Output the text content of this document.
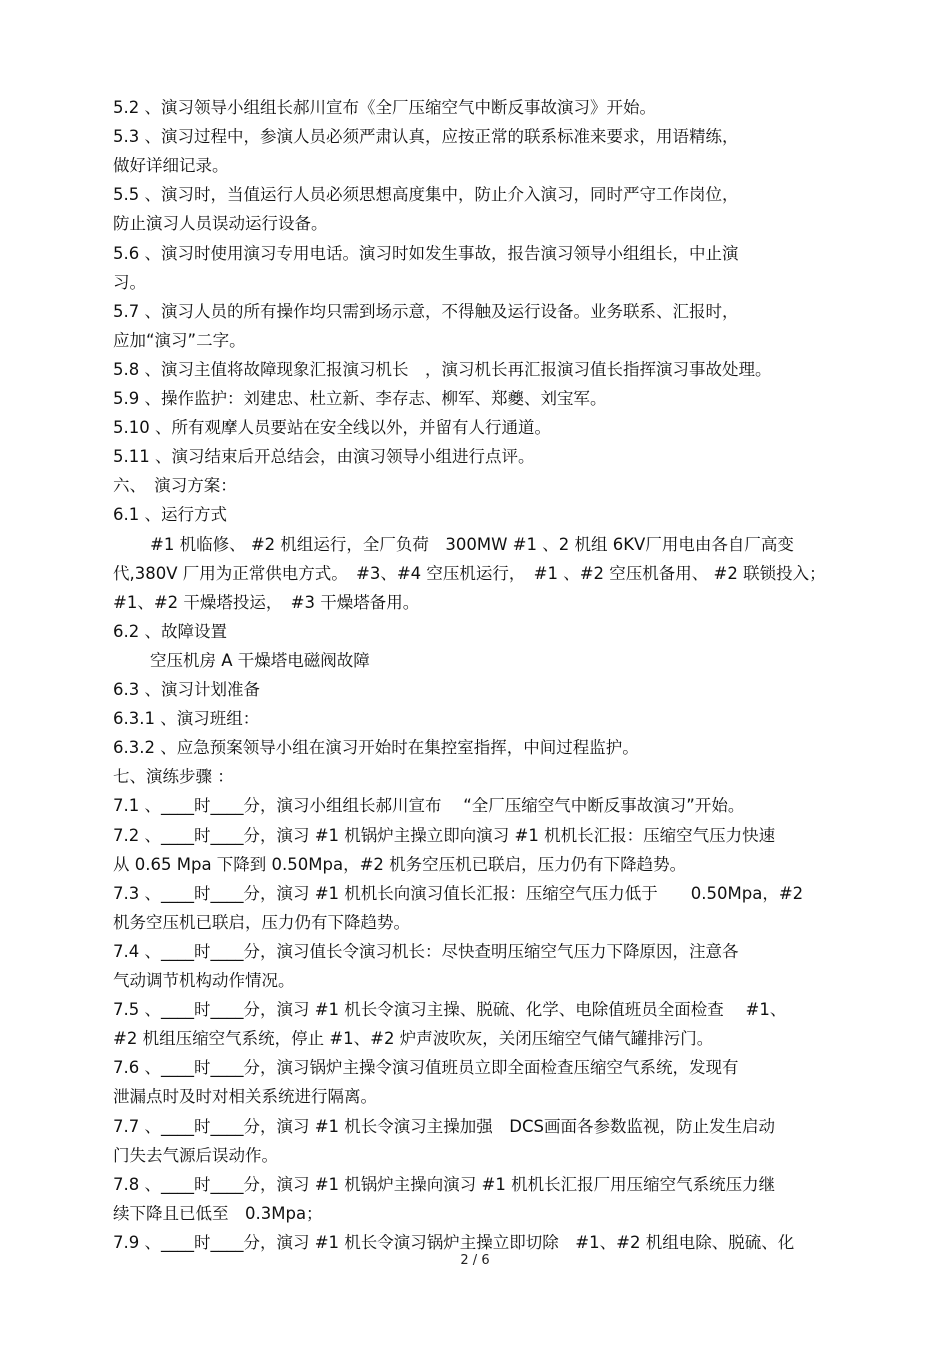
5.2 、演习领导小组组长郝川宣布《全厂压缩空气中断反事故演习》开始。
5.3 、演习过程中，参演人员必须严肃认真，应按正常的联系标准来要求，用语精练，
做好详细记录。
5.5 、演习时，当值运行人员必须思想高度集中，防止介入演习，同时严守工作岗位，
防止演习人员误动运行设备。
5.6 、演习时使用演习专用电话。演习时如发生事故，报告演习领导小组组长，中止演
习。
5.7 、演习人员的所有操作均只需到场示意，不得触及运行设备。业务联系、汇报时，
应加“演习”二字。
5.8 、演习主值将故障现象汇报演习机长　，演习机长再汇报演习值长指挥演习事故处理。
5.9 、操作监护：刘建忠、杜立新、李存志、柳军、郑夔、刘宝军。
5.10 、所有观摩人员要站在安全线以外，并留有人行通道。
5.11 、演习结束后开总结会，由演习领导小组进行点评。
六、　演习方案：
6.1 、运行方式
#1 机临修、 #2 机组运行，全厂负荷　300MW #1 、2 机组 6KV厂用电由各自厂高变
代,380V 厂用为正常供电方式。　#3、#4 空压机运行，　#1 、#2 空压机备用、 #2 联锁投入；
#1、#2 干燥塔投运，　#3 干燥塔备用。
6.2 、故障设置
空压机房 A 干燥塔电磁阀故障
6.3 、演习计划准备
6.3.1 、演习班组：
6.3.2 、应急预案领导小组在演习开始时在集控室指挥，中间过程监护。
七、演练步骤 ：
7.1 、____时____分，演习小组组长郝川宣布　 “全厂压缩空气中断反事故演习”开始。
7.2 、____时____分，演习 #1 机锅炉主操立即向演习 #1 机机长汇报：压缩空气压力快速
从 0.65 Mpa 下降到 0.50Mpa，#2 机务空压机已联启，压力仍有下降趋势。
7.3 、____时____分，演习 #1 机机长向演习值长汇报：压缩空气压力低于　　0.50Mpa，#2
机务空压机已联启，压力仍有下降趋势。
7.4 、____时____分，演习值长令演习机长：尽快查明压缩空气压力下降原因，注意各
气动调节机构动作情况。
7.5 、____时____分，演习 #1 机长令演习主操、脱硫、化学、电除值班员全面检查　 #1、
#2 机组压缩空气系统，停止 #1、#2 炉声波吹灰，关闭压缩空气储气罐排污门。
7.6 、____时____分，演习锅炉主操令演习值班员立即全面检查压缩空气系统，发现有
泄漏点时及时对相关系统进行隔离。
7.7 、____时____分，演习 #1 机长令演习主操加强　DCS画面各参数监视，防止发生启动
门失去气源后误动作。
7.8 、____时____分，演习 #1 机锅炉主操向演习 #1 机机长汇报厂用压缩空气系统压力继
续下降且已低至　0.3Mpa；
7.9 、____时____分，演习 #1 机长令演习锅炉主操立即切除　#1、#2 机组电除、脱硫、化
2 / 6
